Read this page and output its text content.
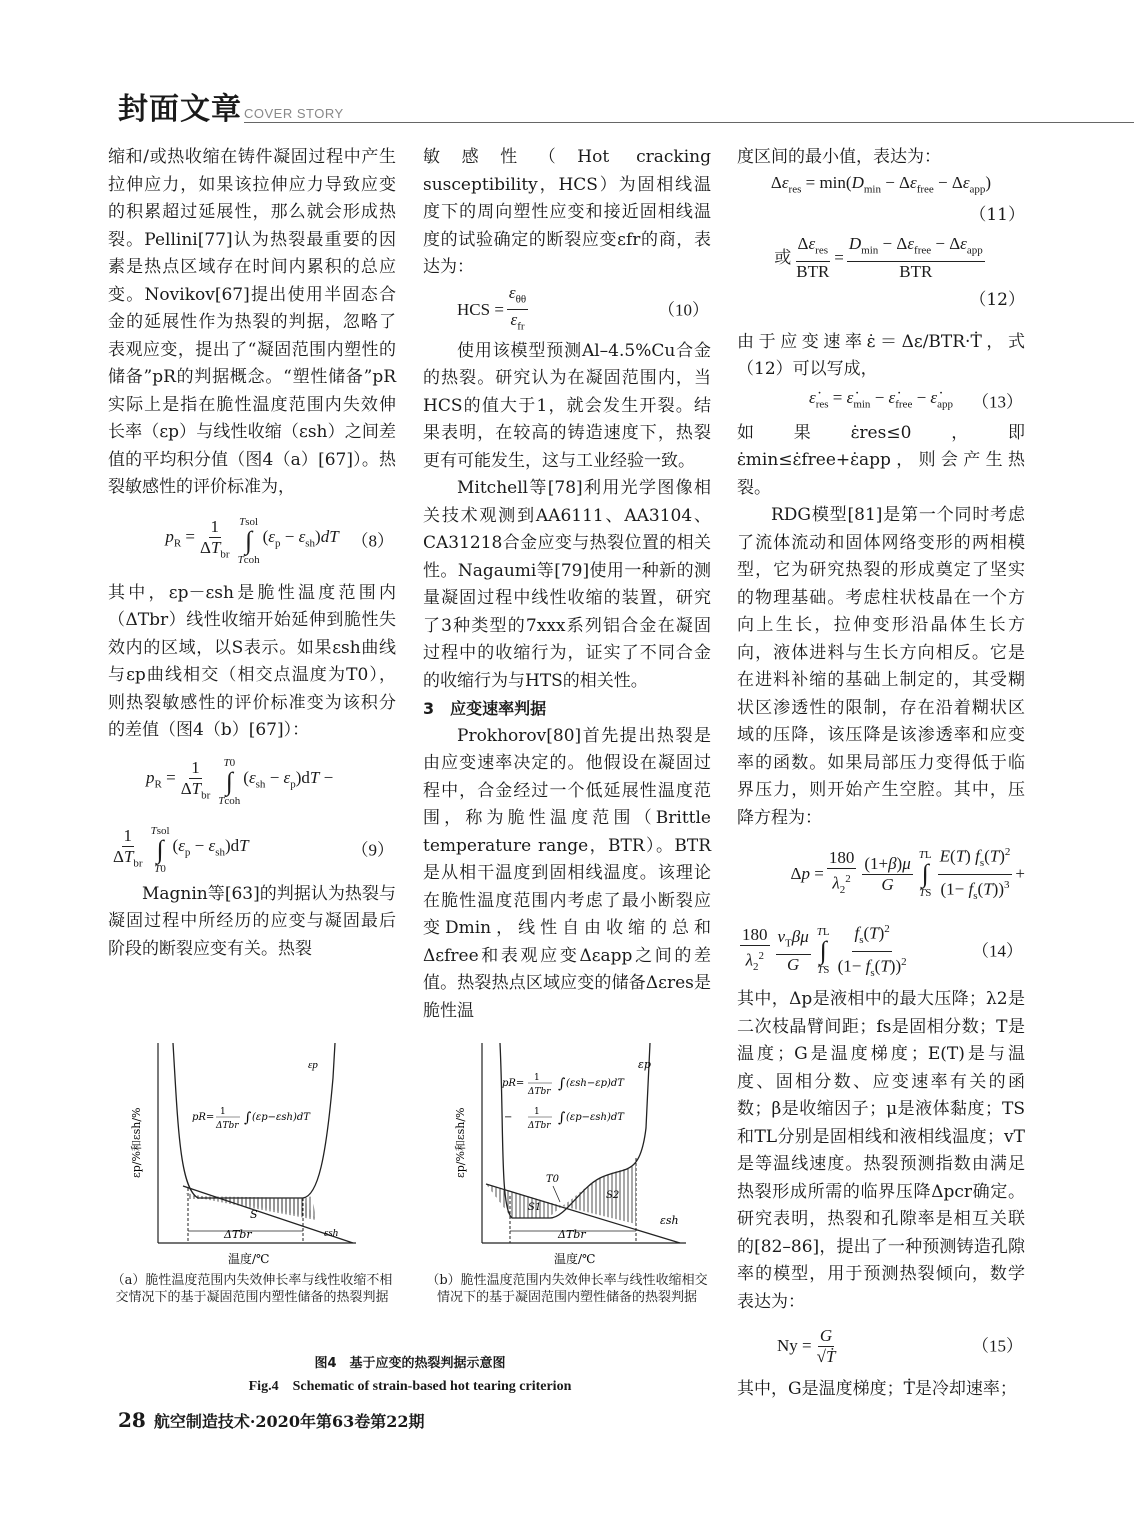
封面文章 COVER STORY

缩和/或热收缩在铸件凝固过程中产生拉伸应力，如果该拉伸应力导致应变的积累超过延展性，那么就会形成热裂。Pellini[77]认为热裂最重要的因素是热点区域存在时间内累积的总应变。Novikov[67]提出使用半固态合金的延展性作为热裂的判据，忽略了表观应变，提出了“凝固范围内塑性的储备”pR的判据概念。“塑性储备”pR实际上是指在脆性温度范围内失效伸长率（εp）与线性收缩（εsh）之间差值的平均积分值（图4（a）[67]）。热裂敏感性的评价标准为，

$p_R = \frac{1}{\Delta T_{br}}$ Tsol
∫
Tcoh
$(\varepsilon_p - \varepsilon_{sh})dT$ （8）

其中，εp－εsh是脆性温度范围内（ΔTbr）线性收缩开始延伸到脆性失效内的区域，以S表示。如果εsh曲线与εp曲线相交（相交点温度为T0），则热裂敏感性的评价标准变为该积分的差值（图4（b）[67]）：

$p_R = \frac{1}{\Delta T_{br}} T0$
∫
Tcoh
$(\varepsilon_{sh} - \varepsilon_p)dT$ −
$\frac{1}{\Delta T_{br}}$ Tsol
∫
T0
$(\varepsilon_p - \varepsilon_{sh})dT$	（9）

Magnin等[63]的判据认为热裂与凝固过程中所经历的应变与凝固最后阶段的断裂应变有关。热裂

敏感性（Hot cracking susceptibility，HCS）为固相线温度下的周向塑性应变和接近固相线温度的试验确定的断裂应变εfr的商，表达为：

HCS = $\frac{\varepsilon_{\theta\theta}}{\varepsilon_{fr}}$	（10）

使用该模型预测Al–4.5%Cu合金的热裂。研究认为在凝固范围内，当HCS的值大于1，就会发生开裂。结果表明，在较高的铸造速度下，热裂更有可能发生，这与工业经验一致。

Mitchell等[78]利用光学图像相关技术观测到AA6111、AA3104、CA31218合金应变与热裂位置的相关性。Nagaumi等[79]使用一种新的测量凝固过程中线性收缩的装置，研究了3种类型的7xxx系列铝合金在凝固过程中的收缩行为，证实了不同合金的收缩行为与HTS的相关性。

3　应变速率判据

Prokhorov[80]首先提出热裂是由应变速率决定的。他假设在凝固过程中，合金经过一个低延展性温度范围，称为脆性温度范围（Brittle temperature range，BTR）。BTR是从相干温度到固相线温度。该理论在脆性温度范围内考虑了最小断裂应变Dmin，线性自由收缩的总和Δεfree和表观应变Δεapp之间的差值。热裂热点区域应变的储备Δεres是脆性温

度区间的最小值，表达为：

$\Delta\varepsilon_{res} = \min(D_{min} - \Delta\varepsilon_{free} - \Delta\varepsilon_{app})$
（11）
或 $\frac{\Delta\varepsilon_{res}}{\text{BTR}} = \frac{D_{min} - \Delta\varepsilon_{free} - \Delta\varepsilon_{app}}{\text{BTR}}$
（12）

由于应变速率ε̇＝Δε/BTR·Ṫ，式（12）可以写成，

$\varepsiloṅ_{res}$ = $\varepsiloṅ_{min}$ − $\varepsiloṅ_{free}$ − $\varepsiloṅ_{app}$ （13）

如果ε̇res≤0，即ε̇min≤ε̇free+ε̇app，则会产生热裂。

RDG模型[81]是第一个同时考虑了流体流动和固体网络变形的两相模型，它为研究热裂的形成奠定了坚实的物理基础。考虑柱状枝晶在一个方向上生长，拉伸变形沿晶体生长方向，液体进料与生长方向相反。它是在进料补缩的基础上制定的，其受糊状区渗透性的限制，存在沿着糊状区域的压降，该压降是该渗透率和应变率的函数。如果局部压力变得低于临界压力，则开始产生空腔。其中，压降方程为：

$\Delta p = \frac{180}{\lambda_2^2} \frac{(1+\beta)\mu}{G}$ TL
∫
TS $\frac{E(T) f_s(T)^2}{(1- f_s(T))^3}$ +
$\frac{180}{\lambda_2^2} \frac{v_T\beta\mu}{G}$ TL
∫
TS $\frac{f_s(T)^2}{(1- f_s(T))^2}$	（14）

其中，Δp是液相中的最大压降；λ2是二次枝晶臂间距；fs是固相分数；T是温度；G是温度梯度；E(T)是与温度、固相分数、应变速率有关的函数；β是收缩因子；μ是液体黏度；TS和TL分别是固相线和液相线温度；vT是等温线速度。热裂预测指数由满足热裂形成所需的临界压降Δpcr确定。研究表明，热裂和孔隙率是相互关联的[82–86]，提出了一种预测铸造孔隙率的模型，用于预测热裂倾向，数学表达为：

$Ny = \frac{G}{\text{√Ṫ}}$	（15）

其中，G是温度梯度；Ṫ是冷却速率；

εp
εsh
S
ΔTbr
pR= 1
ΔTbr ∫ (εp−εsh)dT
温度/℃
εp/%和εsh/%
εp
εsh
S1
S2
T0
ΔTbr
pR= 1
ΔTbr ∫ (εsh−εp)dT
− 1
ΔTbr ∫ (εp−εsh)dT
温度/℃
εp/%和εsh/%
（a）脆性温度范围内失效伸长率与线性收缩不相交情况下的基于凝固范围内塑性储备的热裂判据
（b）脆性温度范围内失效伸长率与线性收缩相交情况下的基于凝固范围内塑性储备的热裂判据
图4　基于应变的热裂判据示意图
Fig.4　Schematic of strain-based hot tearing criterion
28 航空制造技术·2020年第63卷第22期
